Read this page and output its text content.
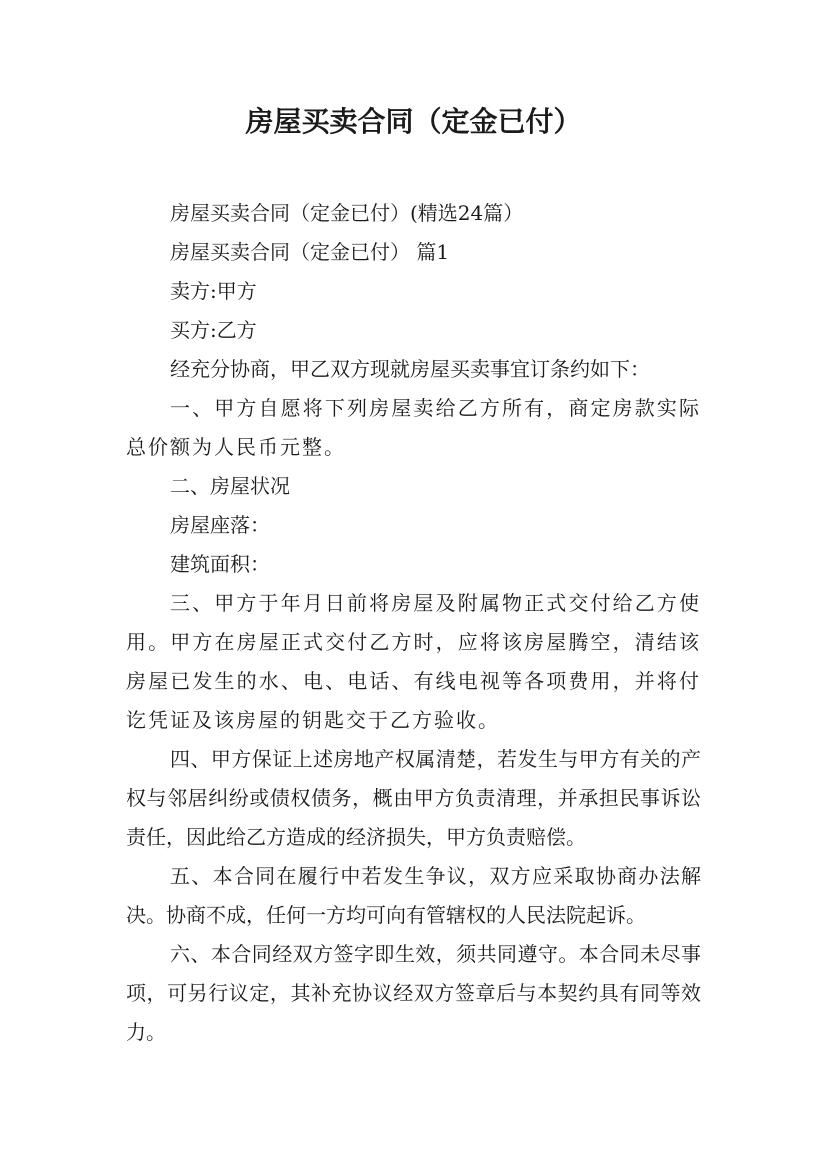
房屋买卖合同（定金已付）

房屋买卖合同（定金已付）(精选24篇）

房屋买卖合同（定金已付） 篇1

卖方:甲方

买方:乙方

经充分协商，甲乙双方现就房屋买卖事宜订条约如下：

一、甲方自愿将下列房屋卖给乙方所有，商定房款实际总价额为人民币元整。

二、房屋状况

房屋座落：

建筑面积：

三、甲方于年月日前将房屋及附属物正式交付给乙方使用。甲方在房屋正式交付乙方时，应将该房屋腾空，清结该房屋已发生的水、电、电话、有线电视等各项费用，并将付讫凭证及该房屋的钥匙交于乙方验收。

四、甲方保证上述房地产权属清楚，若发生与甲方有关的产权与邻居纠纷或债权债务，概由甲方负责清理，并承担民事诉讼责任，因此给乙方造成的经济损失，甲方负责赔偿。

五、本合同在履行中若发生争议，双方应采取协商办法解决。协商不成，任何一方均可向有管辖权的人民法院起诉。

六、本合同经双方签字即生效，须共同遵守。本合同未尽事项，可另行议定，其补充协议经双方签章后与本契约具有同等效力。
